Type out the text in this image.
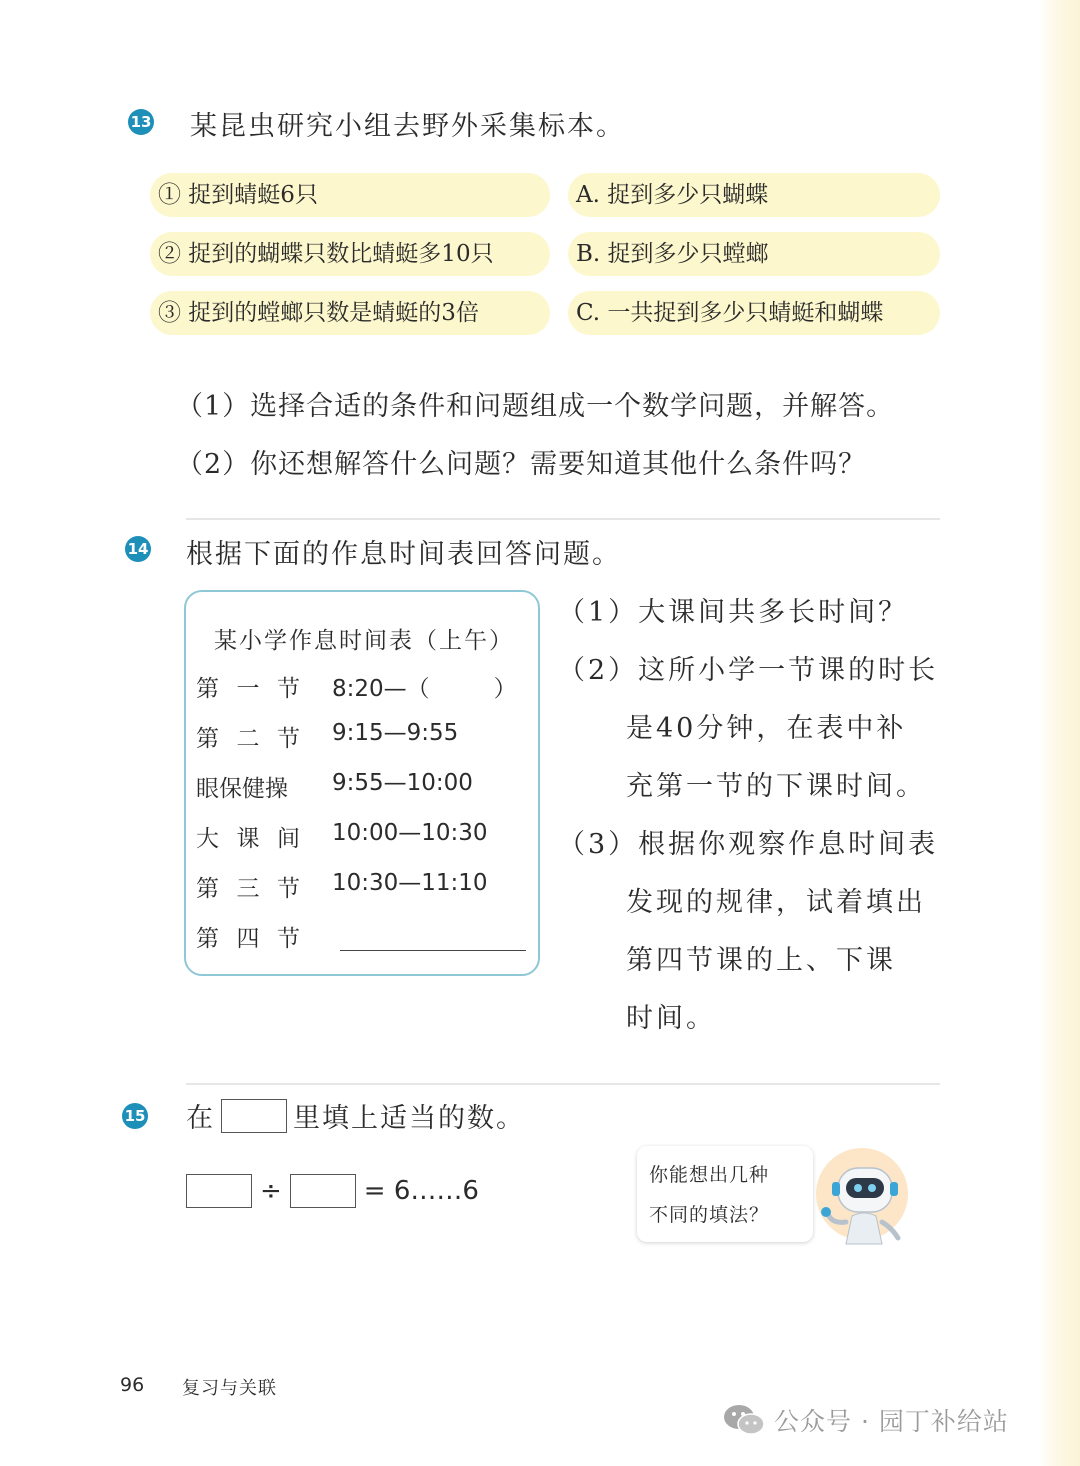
13 某昆虫研究小组去野外采集标本。
① 捉到蜻蜓6只
② 捉到的蝴蝶只数比蜻蜓多10只
③ 捉到的螳螂只数是蜻蜓的3倍
A. 捉到多少只蝴蝶
B. 捉到多少只螳螂
C. 一共捉到多少只蜻蜓和蝴蝶
（1）选择合适的条件和问题组成一个数学问题，并解答。
（2）你还想解答什么问题？需要知道其他什么条件吗？
14 根据下面的作息时间表回答问题。
某小学作息时间表（上午）
第 一 节 8:20—（	）
第 二 节 9:15—9:55
眼保健操	9:55—10:00
大 课 间 10:00—10:30
第 三 节 10:30—11:10
第 四 节
（1）大课间共多长时间？
（2）这所小学一节课的时长
是40分钟，在表中补
充第一节的下课时间。
（3）根据你观察作息时间表
发现的规律，试着填出
第四节课的上、下课
时间。
15 在	里填上适当的数。
÷	= 6……6
你能想出几种
不同的填法？
96 复习与关联
公众号 · 园丁补给站
